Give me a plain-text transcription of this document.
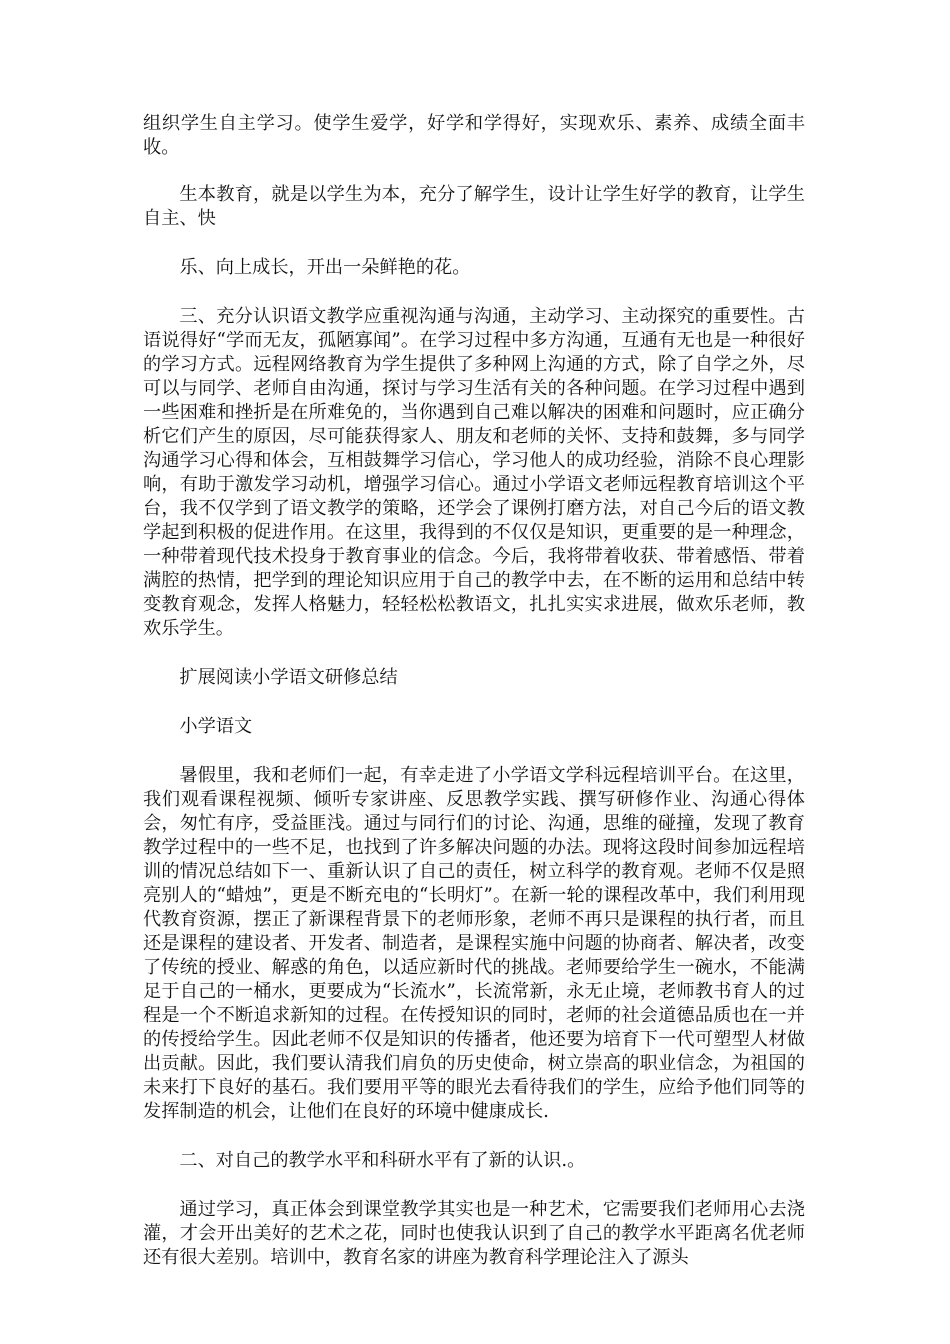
组织学生自主学习。使学生爱学，好学和学得好，实现欢乐、素养、成绩全面丰收。

生本教育，就是以学生为本，充分了解学生，设计让学生好学的教育，让学生自主、快

乐、向上成长，开出一朵鲜艳的花。

三、充分认识语文教学应重视沟通与沟通，主动学习、主动探究的重要性。古语说得好“学而无友，孤陋寡闻”。在学习过程中多方沟通，互通有无也是一种很好的学习方式。远程网络教育为学生提供了多种网上沟通的方式，除了自学之外，尽可以与同学、老师自由沟通，探讨与学习生活有关的各种问题。在学习过程中遇到一些困难和挫折是在所难免的，当你遇到自己难以解决的困难和问题时，应正确分析它们产生的原因，尽可能获得家人、朋友和老师的关怀、支持和鼓舞，多与同学沟通学习心得和体会，互相鼓舞学习信心，学习他人的成功经验，消除不良心理影响，有助于激发学习动机，增强学习信心。通过小学语文老师远程教育培训这个平台，我不仅学到了语文教学的策略，还学会了课例打磨方法，对自己今后的语文教学起到积极的促进作用。在这里，我得到的不仅仅是知识，更重要的是一种理念，一种带着现代技术投身于教育事业的信念。今后，我将带着收获、带着感悟、带着满腔的热情，把学到的理论知识应用于自己的教学中去，在不断的运用和总结中转变教育观念，发挥人格魅力，轻轻松松教语文，扎扎实实求进展，做欢乐老师，教欢乐学生。

扩展阅读小学语文研修总结

小学语文

暑假里，我和老师们一起，有幸走进了小学语文学科远程培训平台。在这里，我们观看课程视频、倾听专家讲座、反思教学实践、撰写研修作业、沟通心得体会，匆忙有序，受益匪浅。通过与同行们的讨论、沟通，思维的碰撞，发现了教育教学过程中的一些不足，也找到了许多解决问题的办法。现将这段时间参加远程培训的情况总结如下一、重新认识了自己的责任，树立科学的教育观。老师不仅是照亮别人的“蜡烛”，更是不断充电的“长明灯”。在新一轮的课程改革中，我们利用现代教育资源，摆正了新课程背景下的老师形象，老师不再只是课程的执行者，而且还是课程的建设者、开发者、制造者，是课程实施中问题的协商者、解决者，改变了传统的授业、解惑的角色，以适应新时代的挑战。老师要给学生一碗水，不能满足于自己的一桶水，更要成为“长流水”，长流常新，永无止境，老师教书育人的过程是一个不断追求新知的过程。在传授知识的同时，老师的社会道德品质也在一并的传授给学生。因此老师不仅是知识的传播者，他还要为培育下一代可塑型人材做出贡献。因此，我们要认清我们肩负的历史使命，树立崇高的职业信念，为祖国的未来打下良好的基石。我们要用平等的眼光去看待我们的学生，应给予他们同等的发挥制造的机会，让他们在良好的环境中健康成长.

二、对自己的教学水平和科研水平有了新的认识.。

通过学习，真正体会到课堂教学其实也是一种艺术，它需要我们老师用心去浇灌，才会开出美好的艺术之花，同时也使我认识到了自己的教学水平距离名优老师还有很大差别。培训中，教育名家的讲座为教育科学理论注入了源头
